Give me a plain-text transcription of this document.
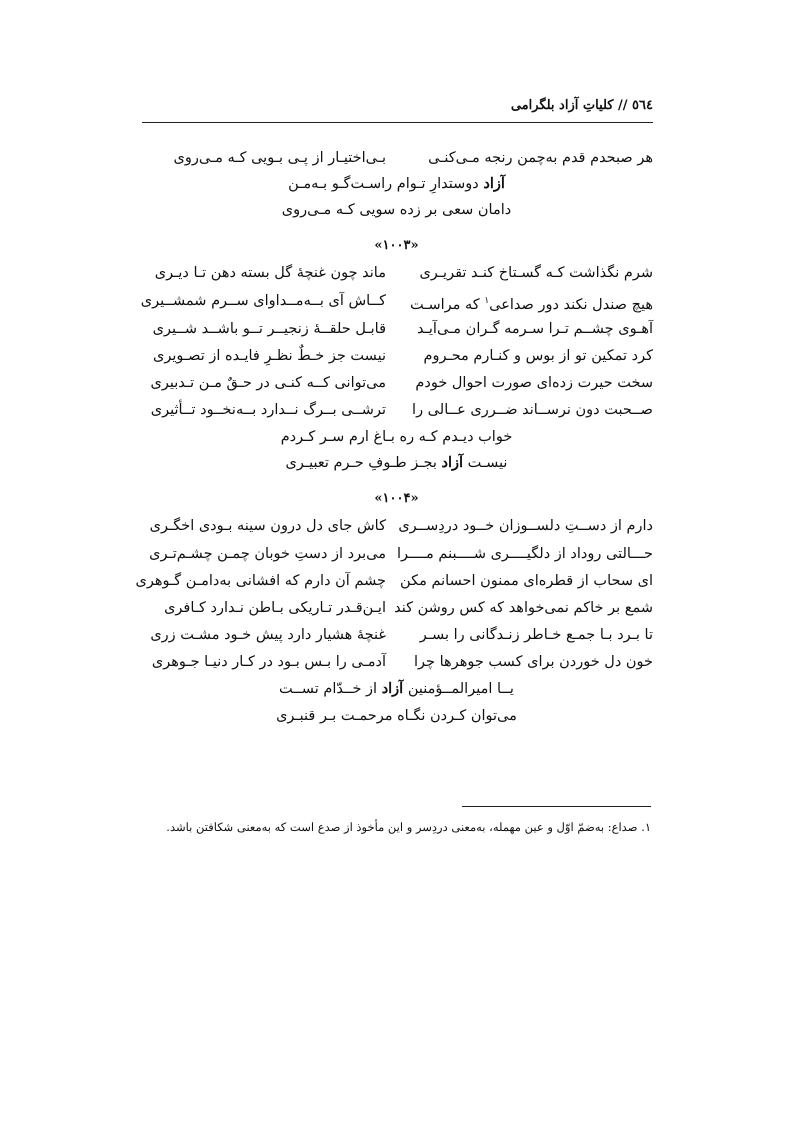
٥٦٤ // کلیاتِ آزاد بلگرامی
هر صبحدم قدم به‌چمن رنجه مـی‌کنـی
بـی‌اختیـار از پـی بـویی کـه مـی‌روی
آزاد دوستدارِ تـوام راسـت‌گـو بـه‌مـن
دامان سعی بر زده سویی کـه مـی‌روی
«۱۰۰۳»
شرم نگذاشت کـه گسـتاخ کنـد تقریـری
ماند چون غنچهٔ گل بسته دهن تـا دیـری
هیچ صندل نکند دور صداعی$^۱$ که مراسـت
کــاش آی بــه‌مــداوای ســرم شمشــیری
آهـوی چشــم تـرا سـرمه گـران مـی‌آیـد
قابـل حلقــهٔ زنجیــر تــو باشــد شــیری
کرد تمکین تو از بوس و کنـارم محـروم
نیست جز خـطٌ نظـرِ فایـده از تصـویری
سخت حیرت زده‌ای صورت احوال خودم
می‌توانی کــه کنـی در حـقٌ مـن تـدبیری
صــحبت دون نرســاند ضــرری عــالی را
ترشــی بــرگ نــدارد بــه‌نخــود تــأثیری
خواب دیـدم کـه ره بـاغ ارم سـر کـردم
نیسـت آزاد بجـز طـوفِ حـرم تعبیـری
«۱۰۰۴»
دارم از دســتِ دلســوزان خــود دردِســری
کاش جای دل درون سینه بـودی اخگـری
حـــالتی روداد از دلگیــــری شــــبنم مــــرا
می‌برد از دستِ خوبان چمـن چشـم‌تـری
ای سحاب از قطره‌ای ممنون احسانم مکن
چشم آن دارم که افشانی به‌دامـن گـوهری
شمع بر خاکم نمی‌خواهد که کس روشن کند
ایـن‌قـدر تـاریکی بـاطن نـدارد کـافری
تا بـرد بـا جمـع خـاطر زنـدگانی را بسـر
غنچهٔ هشیار دارد پیش خـود مشـت زری
خون دل خوردن برای کسب جوهرها چرا
آدمـی را بـس بـود در کـار دنیـا جـوهری
یــا امیرالمــؤمنین آزاد از خــدّام تســت
می‌توان کـردن نگـاه مرحمـت بـر قنبـری
۱. صداع: به‌ضمّ اوّل و عین مهمله، به‌معنی دردِسر و این مأخوذ از صدع است که به‌معنی شکافتن باشد.
